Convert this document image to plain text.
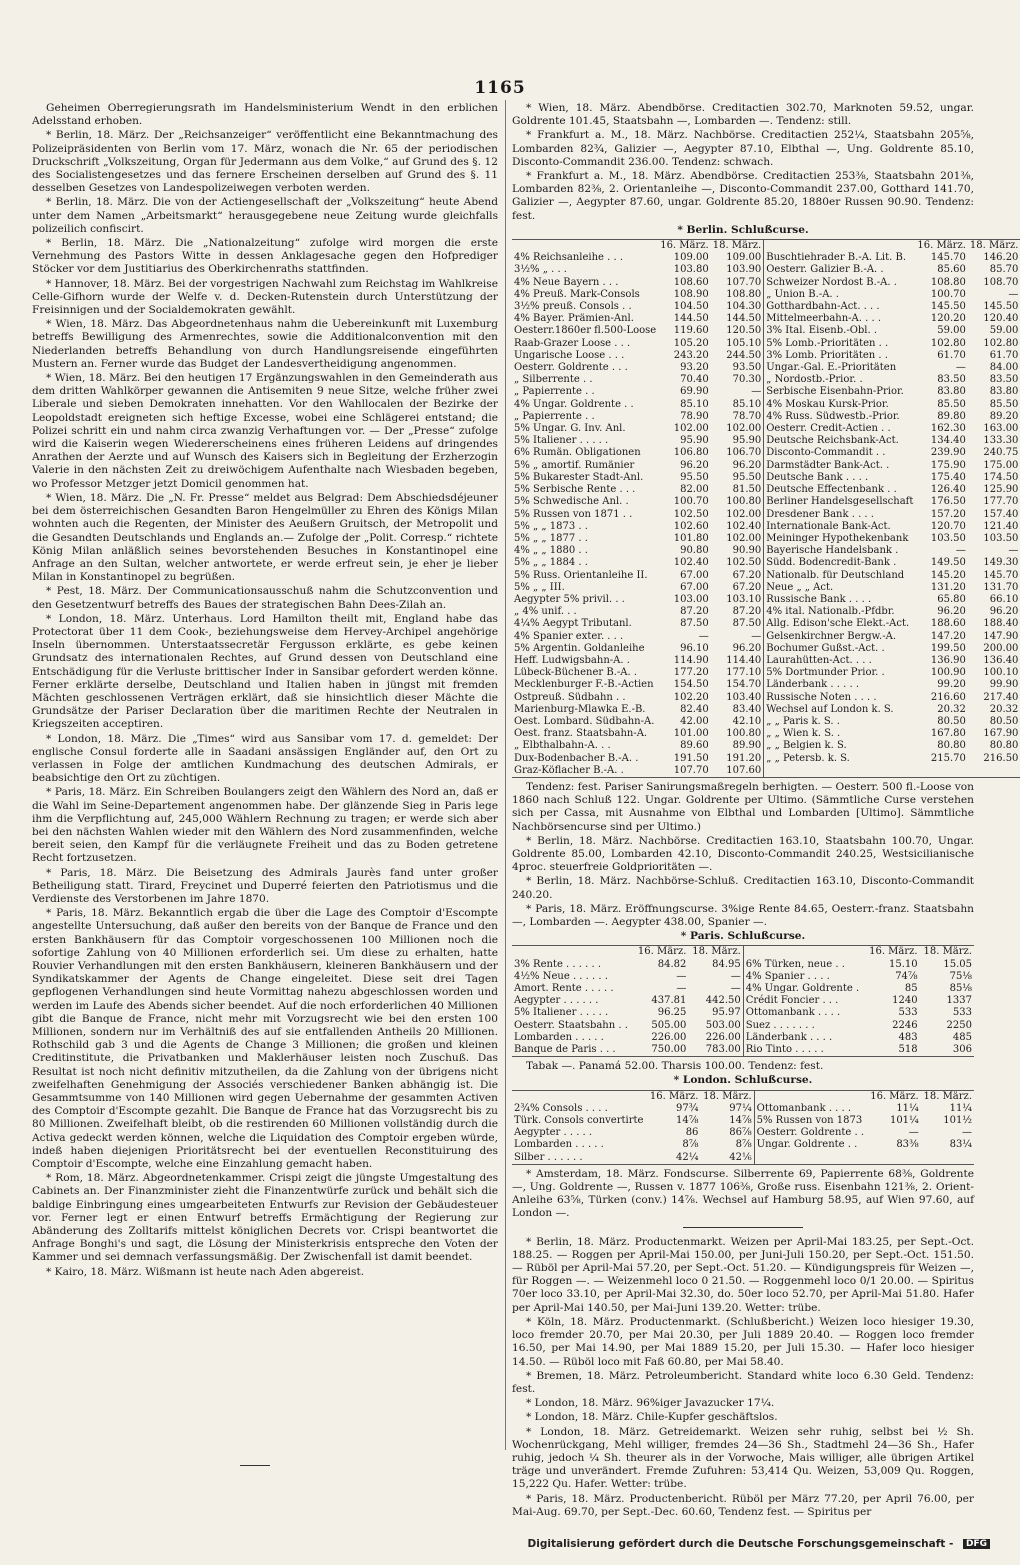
1165

Geheimen Oberregierungsrath im Handelsministerium Wendt in den erblichen Adelsstand erhoben.

* Berlin, 18. März. Der „Reichsanzeiger“ veröffentlicht eine Bekanntmachung des Polizeipräsidenten von Berlin vom 17. März, wonach die Nr. 65 der periodischen Druckschrift „Volkszeitung, Organ für Jedermann aus dem Volke,“ auf Grund des §. 12 des Socialistengesetzes und das fernere Erscheinen derselben auf Grund des §. 11 desselben Gesetzes von Landespolizeiwegen verboten werden.

* Berlin, 18. März. Die von der Actiengesellschaft der „Volkszeitung“ heute Abend unter dem Namen „Arbeitsmarkt“ herausgegebene neue Zeitung wurde gleichfalls polizeilich confiscirt.

* Berlin, 18. März. Die „Nationalzeitung“ zufolge wird morgen die erste Vernehmung des Pastors Witte in dessen Anklagesache gegen den Hofprediger Stöcker vor dem Justitiarius des Oberkirchenraths stattfinden.

* Hannover, 18. März. Bei der vorgestrigen Nachwahl zum Reichstag im Wahlkreise Celle-Gifhorn wurde der Welfe v. d. Decken-Rutenstein durch Unterstützung der Freisinnigen und der Socialdemokraten gewählt.

* Wien, 18. März. Das Abgeordnetenhaus nahm die Uebereinkunft mit Luxemburg betreffs Bewilligung des Armenrechtes, sowie die Additionalconvention mit den Niederlanden betreffs Behandlung von durch Handlungsreisende eingeführten Mustern an. Ferner wurde das Budget der Landesvertheidigung angenommen.

* Wien, 18. März. Bei den heutigen 17 Ergänzungswahlen in den Gemeinderath aus dem dritten Wahlkörper gewannen die Antisemiten 9 neue Sitze, welche früher zwei Liberale und sieben Demokraten innehatten. Vor den Wahllocalen der Bezirke der Leopoldstadt ereigneten sich heftige Excesse, wobei eine Schlägerei entstand; die Polizei schritt ein und nahm circa zwanzig Verhaftungen vor. — Der „Presse“ zufolge wird die Kaiserin wegen Wiedererscheinens eines früheren Leidens auf dringendes Anrathen der Aerzte und auf Wunsch des Kaisers sich in Begleitung der Erzherzogin Valerie in den nächsten Zeit zu dreiwöchigem Aufenthalte nach Wiesbaden begeben, wo Professor Metzger jetzt Domicil genommen hat.

* Wien, 18. März. Die „N. Fr. Presse“ meldet aus Belgrad: Dem Abschiedsdéjeuner bei dem österreichischen Gesandten Baron Hengelmüller zu Ehren des Königs Milan wohnten auch die Regenten, der Minister des Aeußern Gruitsch, der Metropolit und die Gesandten Deutschlands und Englands an.— Zufolge der „Polit. Corresp.“ richtete König Milan anläßlich seines bevorstehenden Besuches in Konstantinopel eine Anfrage an den Sultan, welcher antwortete, er werde erfreut sein, je eher je lieber Milan in Konstantinopel zu begrüßen.

* Pest, 18. März. Der Communicationsausschuß nahm die Schutzconvention und den Gesetzentwurf betreffs des Baues der strategischen Bahn Dees-Zilah an.

* London, 18. März. Unterhaus. Lord Hamilton theilt mit, England habe das Protectorat über 11 dem Cook-, beziehungsweise dem Hervey-Archipel angehörige Inseln übernommen. Unterstaatssecretär Fergusson erklärte, es gebe keinen Grundsatz des internationalen Rechtes, auf Grund dessen von Deutschland eine Entschädigung für die Verluste brittischer Inder in Sansibar gefordert werden könne. Ferner erklärte derselbe, Deutschland und Italien haben in jüngst mit fremden Mächten geschlossenen Verträgen erklärt, daß sie hinsichtlich dieser Mächte die Grundsätze der Pariser Declaration über die maritimen Rechte der Neutralen in Kriegszeiten acceptiren.

* London, 18. März. Die „Times“ wird aus Sansibar vom 17. d. gemeldet: Der englische Consul forderte alle in Saadani ansässigen Engländer auf, den Ort zu verlassen in Folge der amtlichen Kundmachung des deutschen Admirals, er beabsichtige den Ort zu züchtigen.

* Paris, 18. März. Ein Schreiben Boulangers zeigt den Wählern des Nord an, daß er die Wahl im Seine-Departement angenommen habe. Der glänzende Sieg in Paris lege ihm die Verpflichtung auf, 245,000 Wählern Rechnung zu tragen; er werde sich aber bei den nächsten Wahlen wieder mit den Wählern des Nord zusammenfinden, welche bereit seien, den Kampf für die verläugnete Freiheit und das zu Boden getretene Recht fortzusetzen.

* Paris, 18. März. Die Beisetzung des Admirals Jaurès fand unter großer Betheiligung statt. Tirard, Freycinet und Duperré feierten den Patriotismus und die Verdienste des Verstorbenen im Jahre 1870.

* Paris, 18. März. Bekanntlich ergab die über die Lage des Comptoir d'Escompte angestellte Untersuchung, daß außer den bereits von der Banque de France und den ersten Bankhäusern für das Comptoir vorgeschossenen 100 Millionen noch die sofortige Zahlung von 40 Millionen erforderlich sei. Um diese zu erhalten, hatte Rouvier Verhandlungen mit den ersten Bankhäusern, kleineren Bankhäusern und der Syndikatskammer der Agents de Change eingeleitet. Diese seit drei Tagen gepflogenen Verhandlungen sind heute Vormittag nahezu abgeschlossen worden und werden im Laufe des Abends sicher beendet. Auf die noch erforderlichen 40 Millionen gibt die Banque de France, nicht mehr mit Vorzugsrecht wie bei den ersten 100 Millionen, sondern nur im Verhältniß des auf sie entfallenden Antheils 20 Millionen. Rothschild gab 3 und die Agents de Change 3 Millionen; die großen und kleinen Creditinstitute, die Privatbanken und Maklerhäuser leisten noch Zuschuß. Das Resultat ist noch nicht definitiv mitzutheilen, da die Zahlung von der übrigens nicht zweifelhaften Genehmigung der Associés verschiedener Banken abhängig ist. Die Gesammtsumme von 140 Millionen wird gegen Uebernahme der gesammten Activen des Comptoir d'Escompte gezahlt. Die Banque de France hat das Vorzugsrecht bis zu 80 Millionen. Zweifelhaft bleibt, ob die restirenden 60 Millionen vollständig durch die Activa gedeckt werden können, welche die Liquidation des Comptoir ergeben würde, indeß haben diejenigen Prioritätsrecht bei der eventuellen Reconstituirung des Comptoir d'Escompte, welche eine Einzahlung gemacht haben.

* Rom, 18. März. Abgeordnetenkammer. Crispi zeigt die jüngste Umgestaltung des Cabinets an. Der Finanzminister zieht die Finanzentwürfe zurück und behält sich die baldige Einbringung eines umgearbeiteten Entwurfs zur Revision der Gebäudesteuer vor. Ferner legt er einen Entwurf betreffs Ermächtigung der Regierung zur Abänderung des Zolltarifs mittelst königlichen Decrets vor. Crispi beantwortet die Anfrage Bonghi's und sagt, die Lösung der Ministerkrisis entspreche den Voten der Kammer und sei demnach verfassungsmäßig. Der Zwischenfall ist damit beendet.

* Kairo, 18. März. Wißmann ist heute nach Aden abgereist.

* Wien, 18. März. Abendbörse. Creditactien 302.70, Marknoten 59.52, ungar. Goldrente 101.45, Staatsbahn —, Lombarden —. Tendenz: still.

* Frankfurt a. M., 18. März. Nachbörse. Creditactien 252¼, Staatsbahn 205⅝, Lombarden 82¾, Galizier —, Aegypter 87.10, Elbthal —, Ung. Goldrente 85.10, Disconto-Commandit 236.00. Tendenz: schwach.

* Frankfurt a. M., 18. März. Abendbörse. Creditactien 253⅜, Staatsbahn 201⅜, Lombarden 82⅜, 2. Orientanleihe —, Disconto-Commandit 237.00, Gotthard 141.70, Galizier —, Aegypter 87.60, ungar. Goldrente 85.20, 1880er Russen 90.90. Tendenz: fest.

* Berlin. Schlußcurse.

	16. März.	18. März.		16. März.	18. März.
4% Reichsanleihe . . .	109.00	109.00	Buschtiehrader B.-A. Lit. B.	145.70	146.20
3½% „ . . .	103.80	103.90	Oesterr. Galizier B.-A. .	85.60	85.70
4% Neue Bayern . . .	108.60	107.70	Schweizer Nordost B.-A. .	108.80	108.70
4% Preuß. Mark-Consols	108.90	108.80	„ Union B.-A. .	100.70	—
3½% preuß. Consols . .	104.50	104.30	Gotthardbahn-Act. . . .	145.50	145.50
4% Bayer. Prämien-Anl.	144.50	144.50	Mittelmeerbahn-A. . . .	120.20	120.40
Oesterr.1860er fl.500-Loose	119.60	120.50	3% Ital. Eisenb.-Obl. .	59.00	59.00
Raab-Grazer Loose . . .	105.20	105.10	5% Lomb.-Prioritäten . .	102.80	102.80
Ungarische Loose . . .	243.20	244.50	3% Lomb. Prioritäten . .	61.70	61.70
Oesterr. Goldrente . . .	93.20	93.50	Ungar.-Gal. E.-Prioritäten	—	84.00
„ Silberrente . .	70.40	70.30	„ Nordostb.-Prior. .	83.50	83.50
„ Papierrente . .	69.90	—	Serbische Eisenbahn-Prior.	83.80	83.80
4% Ungar. Goldrente . .	85.10	85.10	4% Moskau Kursk-Prior.	85.50	85.50
„ Papierrente . .	78.90	78.70	4% Russ. Südwestb.-Prior.	89.80	89.20
5% Ungar. G. Inv. Anl.	102.00	102.00	Oesterr. Credit-Actien . .	162.30	163.00
5% Italiener . . . . .	95.90	95.90	Deutsche Reichsbank-Act.	134.40	133.30
6% Rumän. Obligationen	106.80	106.70	Disconto-Commandit . .	239.90	240.75
5% „ amortif. Rumänier	96.20	96.20	Darmstädter Bank-Act. .	175.90	175.00
5% Bukarester Stadt-Anl.	95.50	95.50	Deutsche Bank . . . .	175.40	174.50
5% Serbische Rente . . .	82.00	81.50	Deutsche Effectenbank . .	126.40	125.90
5% Schwedische Anl. .	100.70	100.80	Berliner Handelsgesellschaft	176.50	177.70
5% Russen von 1871 . .	102.50	102.00	Dresdener Bank . . . .	157.20	157.40
5% „ „ 1873 . .	102.60	102.40	Internationale Bank-Act.	120.70	121.40
5% „ „ 1877 . .	101.80	102.00	Meininger Hypothekenbank	103.50	103.50
4% „ „ 1880 . .	90.80	90.90	Bayerische Handelsbank .	—	—
5% „ „ 1884 . .	102.40	102.50	Südd. Bodencredit-Bank .	149.50	149.30
5% Russ. Orientanleihe II.	67.00	67.20	Nationalb. für Deutschland	145.20	145.70
5% „ „ III.	67.00	67.20	Neue „ „ Act.	131.20	131.70
Aegypter 5% privil. . .	103.00	103.10	Russische Bank . . . .	65.80	66.10
„ 4% unif. . .	87.20	87.20	4% ital. Nationalb.-Pfdbr.	96.20	96.20
4¼% Aegypt Tributanl.	87.50	87.50	Allg. Edison'sche Elekt.-Act.	188.60	188.40
4% Spanier exter. . . .	—	—	Gelsenkirchner Bergw.-A.	147.20	147.90
5% Argentin. Goldanleihe	96.10	96.20	Bochumer Gußst.-Act. .	199.50	200.00
Heff. Ludwigsbahn-A. .	114.90	114.40	Laurahütten-Act. . . .	136.90	136.40
Lübeck-Büchener B.-A. .	177.20	177.10	5% Dortmunder Prior. .	100.90	100.10
Mecklenburger F.-B.-Actien	154.50	154.70	Länderbank . . . . .	99.20	99.90
Ostpreuß. Südbahn . .	102.20	103.40	Russische Noten . . . .	216.60	217.40
Marienburg-Mlawka E.-B.	82.40	83.40	Wechsel auf London k. S.	20.32	20.32
Oest. Lombard. Südbahn-A.	42.00	42.10	„ „ Paris k. S. .	80.50	80.50
Oest. franz. Staatsbahn-A.	101.00	100.80	„ „ Wien k. S. .	167.80	167.90
„ Elbthalbahn-A. . .	89.60	89.90	„ „ Belgien k. S.	80.80	80.80
Dux-Bodenbacher B.-A. .	191.50	191.20	„ „ Petersb. k. S.	215.70	216.50
Graz-Köflacher B.-A. .	107.70	107.60			

Tendenz: fest. Pariser Sanirungsmaßregeln berhigten. — Oesterr. 500 fl.-Loose von 1860 nach Schluß 122. Ungar. Goldrente per Ultimo. (Sämmtliche Curse verstehen sich per Cassa, mit Ausnahme von Elbthal und Lombarden [Ultimo]. Sämmtliche Nachbörsencurse sind per Ultimo.)

* Berlin, 18. März. Nachbörse. Creditactien 163.10, Staatsbahn 100.70, Ungar. Goldrente 85.00, Lombarden 42.10, Disconto-Commandit 240.25, Westsicilianische 4proc. steuerfreie Goldprioritäten —.

* Berlin, 18. März. Nachbörse-Schluß. Creditactien 163.10, Disconto-Commandit 240.20.

* Paris, 18. März. Eröffnungscurse. 3%ige Rente 84.65, Oesterr.-franz. Staatsbahn —, Lombarden —. Aegypter 438.00, Spanier —.

* Paris. Schlußcurse.

	16. März.	18. März.		16. März.	18. März.
3% Rente . . . . . .	84.82	84.95	6% Türken, neue . .	15.10	15.05
4½% Neue . . . . . .	—	—	4% Spanier . . . .	74⅞	75⅛
Amort. Rente . . . . .	—	—	4% Ungar. Goldrente .	85	85⅛
Aegypter . . . . . .	437.81	442.50	Crédit Foncier . . .	1240	1337
5% Italiener . . . . .	96.25	95.97	Ottomanbank . . . .	533	533
Oesterr. Staatsbahn . .	505.00	503.00	Suez . . . . . . .	2246	2250
Lombarden . . . . .	226.00	226.00	Länderbank . . . .	483	485
Banque de Paris . . .	750.00	783.00	Rio Tinto . . . . .	518	306

Tabak —. Panamá 52.00. Tharsis 100.00. Tendenz: fest.

* London. Schlußcurse.

	16. März.	18. März.		16. März.	18. März.
2¾% Consols . . . .	97¾	97¼	Ottomanbank . . . .	11¼	11¼
Türk. Consols convertirte	14⅞	14⅞	5% Russen von 1873	101¼	101½
Aegypter . . . . .	86	86⅞	Oesterr. Goldrente . .	—	—
Lombarden . . . . .	8⅞	8⅞	Ungar. Goldrente . .	83⅜	83¼
Silber . . . . . .	42¼	42⅙			

* Amsterdam, 18. März. Fondscurse. Silberrente 69, Papierrente 68⅜, Goldrente —, Ung. Goldrente —, Russen v. 1877 106⅜, Große russ. Eisenbahn 121⅜, 2. Orient-Anleihe 63⅝, Türken (conv.) 14⅞. Wechsel auf Hamburg 58.95, auf Wien 97.60, auf London —.

* Berlin, 18. März. Productenmarkt. Weizen per April-Mai 183.25, per Sept.-Oct. 188.25. — Roggen per April-Mai 150.00, per Juni-Juli 150.20, per Sept.-Oct. 151.50. — Rüböl per April-Mai 57.20, per Sept.-Oct. 51.20. — Kündigungspreis für Weizen —, für Roggen —. — Weizenmehl loco 0 21.50. — Roggenmehl loco 0/1 20.00. — Spiritus 70er loco 33.10, per April-Mai 32.30, do. 50er loco 52.70, per April-Mai 51.80. Hafer per April-Mai 140.50, per Mai-Juni 139.20. Wetter: trübe.

* Köln, 18. März. Productenmarkt. (Schlußbericht.) Weizen loco hiesiger 19.30, loco fremder 20.70, per Mai 20.30, per Juli 1889 20.40. — Roggen loco fremder 16.50, per Mai 14.90, per Mai 1889 15.20, per Juli 15.30. — Hafer loco hiesiger 14.50. — Rüböl loco mit Faß 60.80, per Mai 58.40.

* Bremen, 18. März. Petroleumbericht. Standard white loco 6.30 Geld. Tendenz: fest.

* London, 18. März. 96%iger Javazucker 17¼.

* London, 18. März. Chile-Kupfer geschäftslos.

* London, 18. März. Getreidemarkt. Weizen sehr ruhig, selbst bei ½ Sh. Wochenrückgang, Mehl williger, fremdes 24—36 Sh., Stadtmehl 24—36 Sh., Hafer ruhig, jedoch ¼ Sh. theurer als in der Vorwoche, Mais williger, alle übrigen Artikel träge und unverändert. Fremde Zufuhren: 53,414 Qu. Weizen, 53,009 Qu. Roggen, 15,222 Qu. Hafer. Wetter: trübe.

* Paris, 18. März. Productenbericht. Rüböl per März 77.20, per April 76.00, per Mai-Aug. 69.70, per Sept.-Dec. 60.60, Tendenz fest. — Spiritus per

Digitalisierung gefördert durch die Deutsche Forschungsgemeinschaft - DFG
